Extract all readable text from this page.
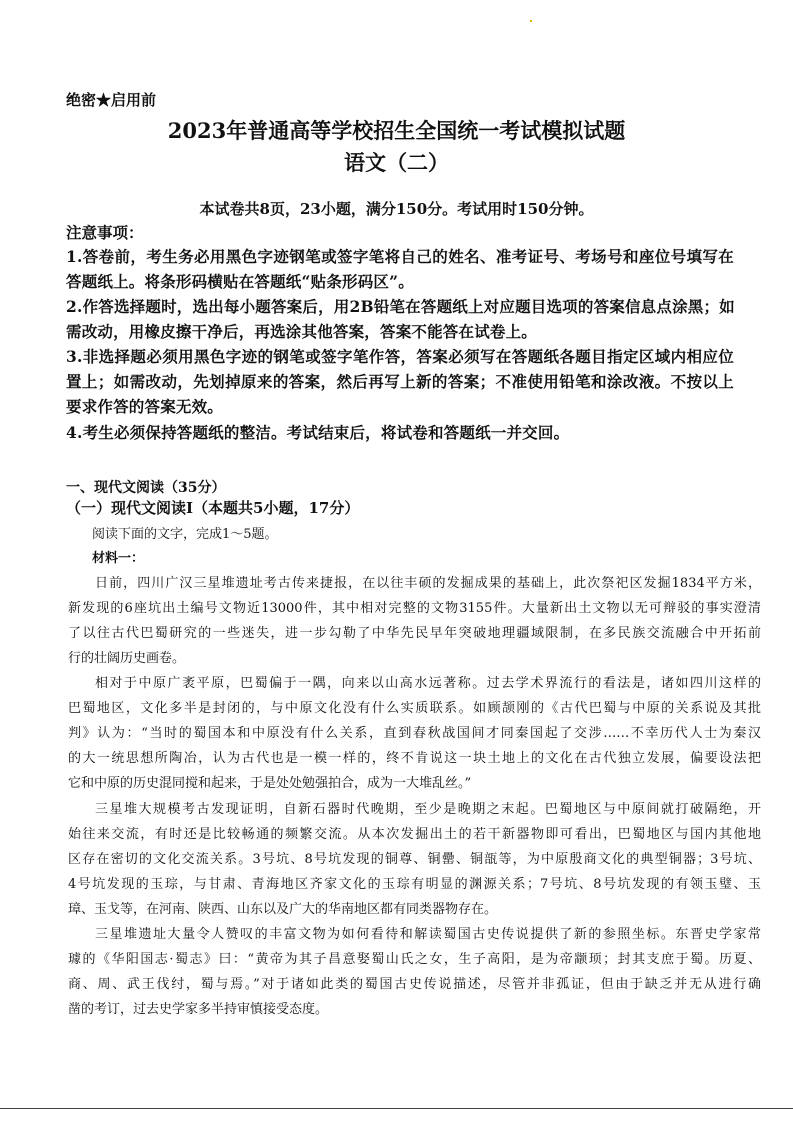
绝密★启用前
2023年普通高等学校招生全国统一考试模拟试题
语文（二）
本试卷共8页，23小题，满分150分。考试用时150分钟。
注意事项：
1.答卷前，考生务必用黑色字迹钢笔或签字笔将自己的姓名、准考证号、考场号和座位号填写在
答题纸上。将条形码横贴在答题纸“贴条形码区”。
2.作答选择题时，选出每小题答案后，用2B铅笔在答题纸上对应题目选项的答案信息点涂黑；如
需改动，用橡皮擦干净后，再选涂其他答案，答案不能答在试卷上。
3.非选择题必须用黑色字迹的钢笔或签字笔作答，答案必须写在答题纸各题目指定区域内相应位
置上；如需改动，先划掉原来的答案，然后再写上新的答案；不准使用铅笔和涂改液。不按以上
要求作答的答案无效。
4.考生必须保持答题纸的整洁。考试结束后，将试卷和答题纸一并交回。
一、现代文阅读（35分）
（一）现代文阅读Ⅰ（本题共5小题，17分）
阅读下面的文字，完成1～5题。
材料一：
日前，四川广汉三星堆遗址考古传来捷报，在以往丰硕的发掘成果的基础上，此次祭祀区发掘1834平方米，
新发现的6座坑出土编号文物近13000件，其中相对完整的文物3155件。大量新出土文物以无可辩驳的事实澄清
了以往古代巴蜀研究的一些迷失，进一步勾勒了中华先民早年突破地理疆域限制，在多民族交流融合中开拓前
行的壮阔历史画卷。
相对于中原广袤平原，巴蜀偏于一隅，向来以山高水远著称。过去学术界流行的看法是，诸如四川这样的
巴蜀地区，文化多半是封闭的，与中原文化没有什么实质联系。如顾颉刚的《古代巴蜀与中原的关系说及其批
判》认为：“当时的蜀国本和中原没有什么关系，直到春秋战国间才同秦国起了交涉……不幸历代人士为秦汉
的大一统思想所陶冶，认为古代也是一模一样的，终不肯说这一块土地上的文化在古代独立发展，偏要设法把
它和中原的历史混同搅和起来，于是处处勉强拍合，成为一大堆乱丝。”
三星堆大规模考古发现证明，自新石器时代晚期，至少是晚期之末起。巴蜀地区与中原间就打破隔绝，开
始往来交流，有时还是比较畅通的频繁交流。从本次发掘出土的若干新器物即可看出，巴蜀地区与国内其他地
区存在密切的文化交流关系。3号坑、8号坑发现的铜尊、铜罍、铜瓿等，为中原殷商文化的典型铜器；3号坑、
4号坑发现的玉琮，与甘肃、青海地区齐家文化的玉琮有明显的渊源关系；7号坑、8号坑发现的有领玉璧、玉
璋、玉戈等，在河南、陕西、山东以及广大的华南地区都有同类器物存在。
三星堆遗址大量令人赞叹的丰富文物为如何看待和解读蜀国古史传说提供了新的参照坐标。东晋史学家常
璩的《华阳国志·蜀志》曰：“黄帝为其子昌意娶蜀山氏之女，生子高阳，是为帝颛顼；封其支庶于蜀。历夏、
商、周、武王伐纣，蜀与焉。”对于诸如此类的蜀国古史传说描述，尽管并非孤证，但由于缺乏并无从进行确
凿的考订，过去史学家多半持审慎接受态度。
